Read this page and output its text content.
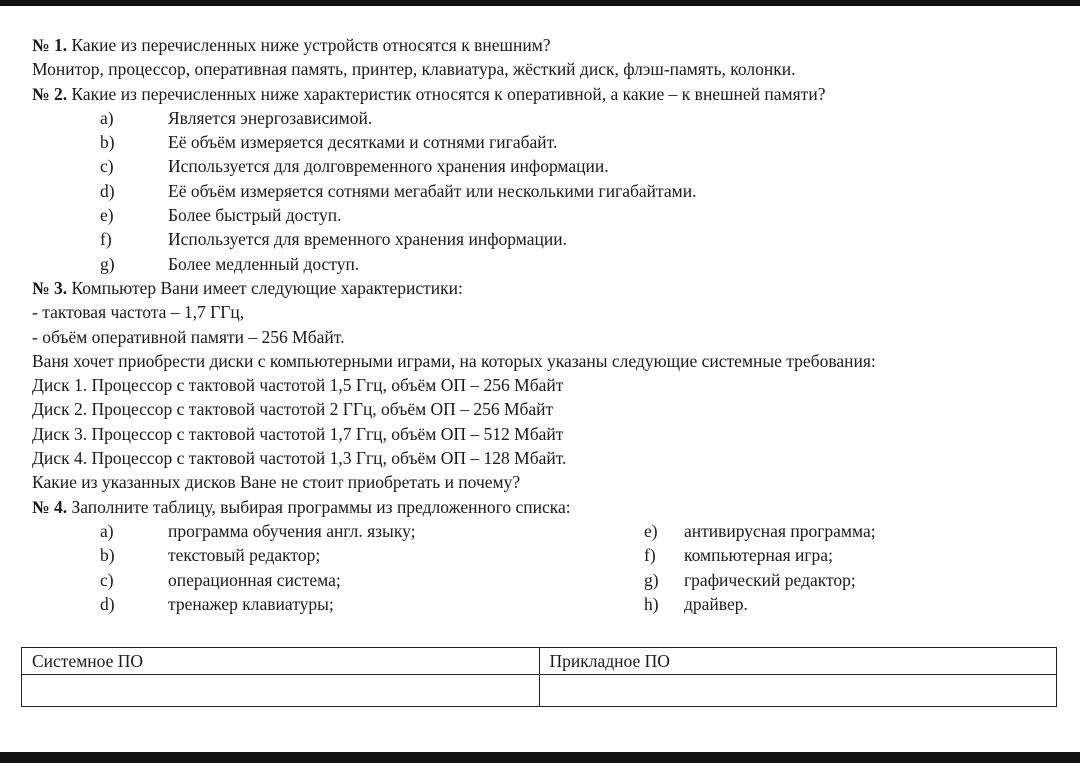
№ 1. Какие из перечисленных ниже устройств относятся к внешним?
Монитор, процессор, оперативная память, принтер, клавиатура, жёсткий диск, флэш-память, колонки.
№ 2. Какие из перечисленных ниже характеристик относятся к оперативной, а какие – к внешней памяти?
a)	Является энергозависимой.
b)	Её объём измеряется десятками и сотнями гигабайт.
c)	Используется для долговременного хранения информации.
d)	Её объём измеряется сотнями мегабайт или несколькими гигабайтами.
e)	Более быстрый доступ.
f)	Используется для временного хранения информации.
g)	Более медленный доступ.
№ 3. Компьютер Вани имеет следующие характеристики:
- тактовая частота – 1,7 ГГц,
- объём оперативной памяти – 256 Мбайт.
Ваня хочет приобрести диски с компьютерными играми, на которых указаны следующие системные требования:
Диск 1. Процессор с тактовой частотой 1,5 Ггц, объём ОП – 256 Мбайт
Диск 2. Процессор с тактовой частотой 2 ГГц, объём ОП – 256 Мбайт
Диск 3. Процессор с тактовой частотой 1,7 Ггц, объём ОП – 512 Мбайт
Диск 4. Процессор с тактовой частотой 1,3 Ггц, объём ОП – 128 Мбайт.
Какие из указанных дисков Ване не стоит приобретать и почему?
№ 4. Заполните таблицу, выбирая программы из предложенного списка:
a)	программа обучения англ. языку;
b)	текстовый редактор;
c)	операционная система;
d)	тренажер клавиатуры;
e)	антивирусная программа;
f)	компьютерная игра;
g)	графический редактор;
h)	драйвер.
Системное ПО	Прикладное ПО
